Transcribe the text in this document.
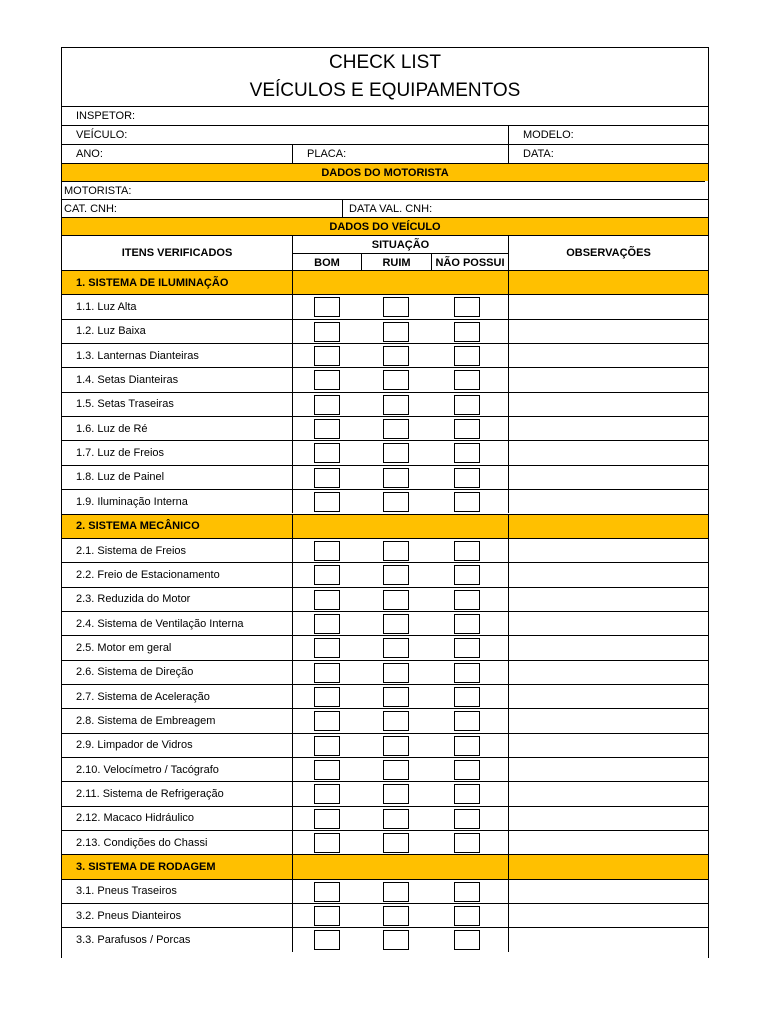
CHECK LIST
VEÍCULOS E EQUIPAMENTOS
INSPETOR:
VEÍCULO:	MODELO:
ANO:	PLACA:	DATA:
DADOS DO MOTORISTA
MOTORISTA:
CAT. CNH:	DATA VAL. CNH:
DADOS DO VEÍCULO
ITENS VERIFICADOS
SITUAÇÃO
BOM	RUIM	NÃO POSSUI
OBSERVAÇÕES
1. SISTEMA DE ILUMINAÇÃO
1.1. Luz Alta
1.2. Luz Baixa
1.3. Lanternas Dianteiras
1.4. Setas Dianteiras
1.5. Setas Traseiras
1.6. Luz de Ré
1.7. Luz de Freios
1.8. Luz de Painel
1.9. Iluminação Interna
2. SISTEMA MECÂNICO
2.1. Sistema de Freios
2.2. Freio de Estacionamento
2.3. Reduzida do Motor
2.4. Sistema de Ventilação Interna
2.5. Motor em geral
2.6. Sistema de Direção
2.7. Sistema de Aceleração
2.8. Sistema de Embreagem
2.9. Limpador de Vidros
2.10. Velocímetro / Tacógrafo
2.11. Sistema de Refrigeração
2.12. Macaco Hidráulico
2.13. Condições do Chassi
3. SISTEMA DE RODAGEM
3.1. Pneus Traseiros
3.2. Pneus Dianteiros
3.3. Parafusos / Porcas
